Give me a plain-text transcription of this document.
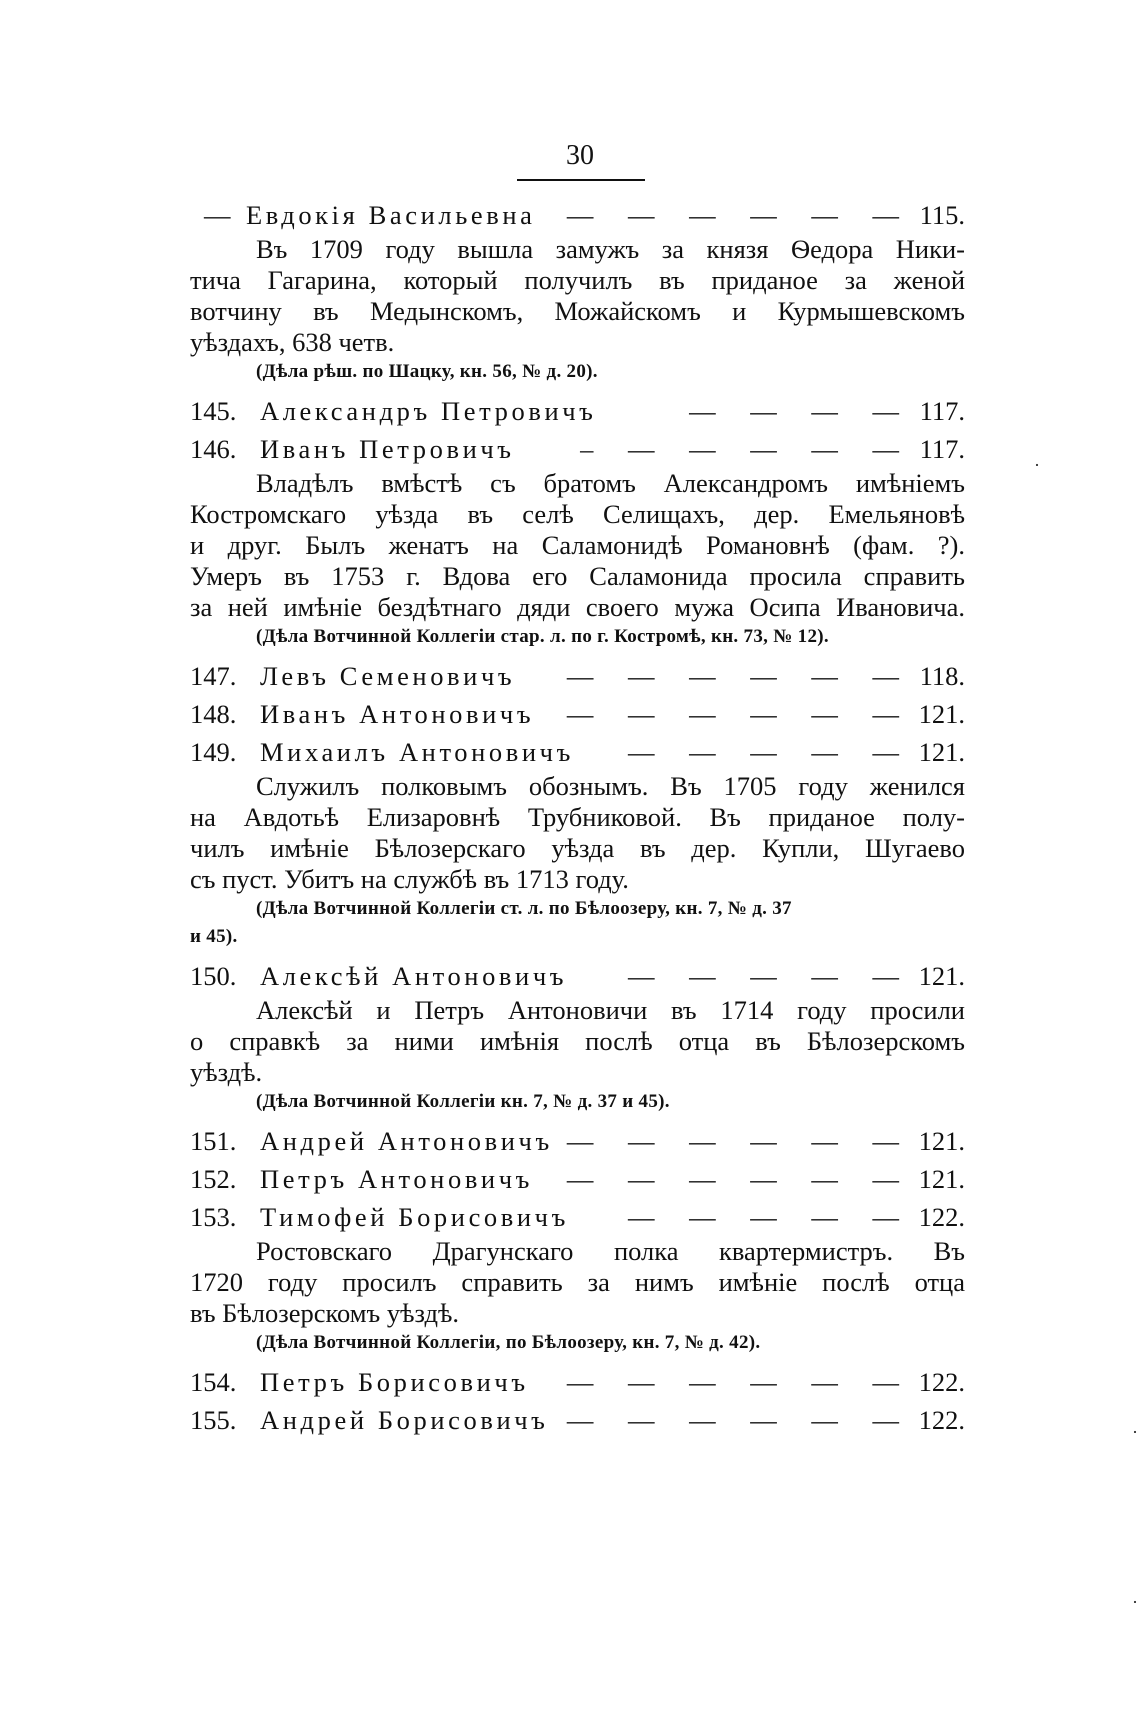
30
— Евдокія Васильевна — — — — — — 115.
Въ 1709 году вышла замужъ за князя Ѳедора Ники-
тича Гагарина, который получилъ въ приданое за женой
вотчину въ Медынскомъ, Можайскомъ и Курмышевскомъ
уѣздахъ, 638 четв.
(Дѣла рѣш. по Шацку, кн. 56, № д. 20).
145. Александръ Петровичъ	— — — — 117.
146. Иванъ Петровичъ – — — — — — 117.
Владѣлъ вмѣстѣ съ братомъ Александромъ имѣніемъ
Костромскаго уѣзда въ селѣ Селищахъ, дер. Емельяновѣ
и друг. Былъ женатъ на Саламонидѣ Романовнѣ (фам. ?).
Умеръ въ 1753 г. Вдова его Саламонида просила справить
за ней имѣніе бездѣтнаго дяди своего мужа Осипа Ивановича.
(Дѣла Вотчинной Коллегіи стар. л. по г. Костромѣ, кн. 73, № 12).
147. Левъ Семеновичъ — — — — — — 118.
148. Иванъ Антоновичъ — — — — — — 121.
149. Михаилъ Антоновичъ — — — — — 121.
Служилъ полковымъ обознымъ. Въ 1705 году женился
на Авдотьѣ Елизаровнѣ Трубниковой. Въ приданое полу-
чилъ имѣніе Бѣлозерскаго уѣзда въ дер. Купли, Шугаево
съ пуст. Убитъ на службѣ въ 1713 году.
(Дѣла Вотчинной Коллегіи ст. л. по Бѣлоозеру, кн. 7, № д. 37
и 45).
150. Алексѣй Антоновичъ — — — — — 121.
Алексѣй и Петръ Антоновичи въ 1714 году просили
о справкѣ за ними имѣнія послѣ отца въ Бѣлозерскомъ
уѣздѣ.
(Дѣла Вотчинной Коллегіи кн. 7, № д. 37 и 45).
151. Андрей Антоновичъ — — — — — — 121.
152. Петръ Антоновичъ — — — — — — 121.
153. Тимофей Борисовичъ — — — — — 122.
Ростовскаго Драгунскаго полка квартермистръ. Въ
1720 году просилъ справить за нимъ имѣніе послѣ отца
въ Бѣлозерскомъ уѣздѣ.
(Дѣла Вотчинной Коллегіи, по Бѣлоозеру, кн. 7, № д. 42).
154. Петръ Борисовичъ — — — — — — 122.
155. Андрей Борисовичъ — — — — — — 122.
·
·
·
